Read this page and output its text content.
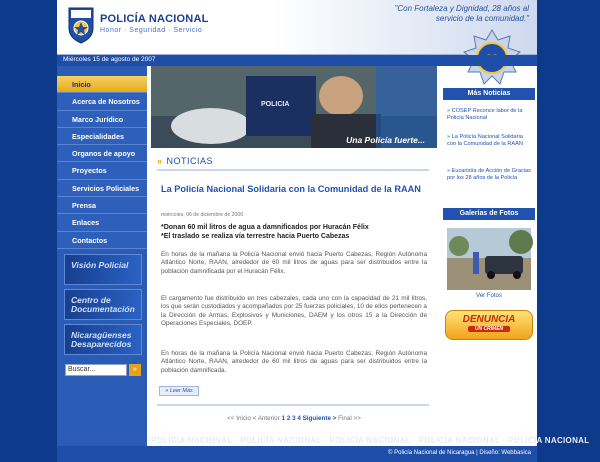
POLICÍA NACIONAL
Honor · Seguridad · Servicio
"Con Fortaleza y Dignidad, 28 años al servicio de la comunidad."
Miércoles 15 de agosto de 2007
Inicio
Acerca de Nosotros
Marco Jurídico
Especialidades
Organos de apoyo
Proyectos
Servicios Policiales
Prensa
Enlaces
Contactos
Visión Policial
Centro de Documentación
Nicaragüenses Desaparecidos
Buscar...	»
POLICIA
Una Policía fuerte...
» NOTICIAS
La Policía Nacional Solidaria con la Comunidad de la RAAN
miércoles, 06 de diciembre de 2006
*Donan 60 mil litros de agua a damnificados por Huracán Félix
*El traslado se realiza vía terrestre hacia Puerto Cabezas
En horas de la mañana la Policía Nacional envió hacia Puerto Cabezas, Región Autónoma Atlántico Norte, RAAN, alrededor de 60 mil litros de aguas para ser distribuidos entre la población damnificada por el Huracán Félix.
El cargamento fue distribuido en tres cabezales, cada uno con la capacidad de 21 mil litros, los que serán custodiados y acompañados por 25 fuerzas policiales, 10 de ellos pertenecen a la Dirección de Armas, Explosivos y Municiones, DAEM y los otros 15 a la Dirección de Operaciones Especiales, DOEP.
En horas de la mañana la Policía Nacional envió hacia Puerto Cabezas, Región Autónoma Atlántico Norte, RAAN, alrededor de 60 mil litros de aguas para ser distribuidos entre la población damnificada.
» Leer Más
<< Inicio < Anterior 1 2 3 4 Siguiente > Final >>
Más Noticias
» COSEP Reconce labor de la Policía Nacional
» La Policía Nacional Solidaria con la Comunidad de la RAAN
» Eucaristía de Acción de Gracias por los 28 años de la Policía
Galerías de Fotos
Ver Fotos
DENUNCIA
UN CRIMEN
POLICÍA NACIONAL · POLICÍA NACIONAL · POLICÍA NACIONAL · POLICÍA NACIONAL · POLICÍA NACIONAL
© Policía Nacional de Nicaragua | Diseño: Webbasica
